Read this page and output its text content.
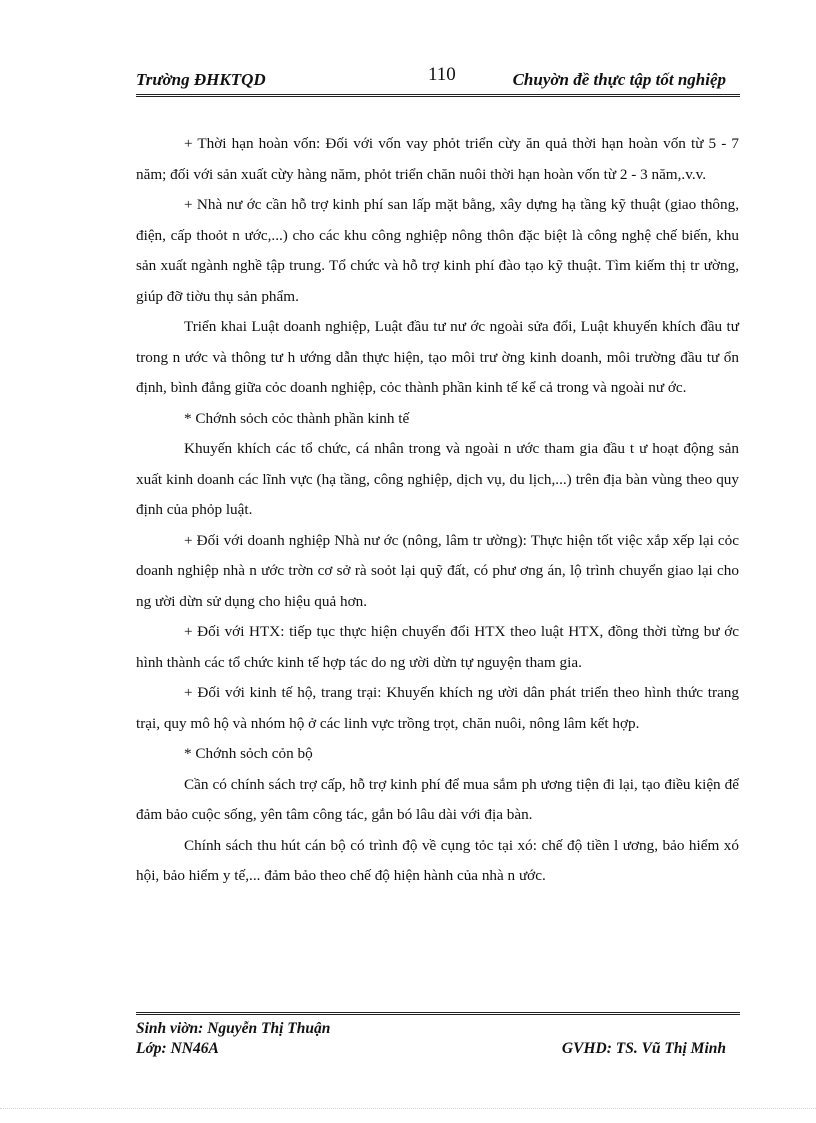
Trường ĐHKTQD	110	Chuyờn đề thực tập tốt nghiệp

+ Thời hạn hoàn vốn: Đối với vốn vay phỏt triển cừy ăn quả thời hạn hoàn vốn từ 5 - 7 năm; đối với sản xuất cừy hàng năm, phỏt triển chăn nuôi thời hạn hoàn vốn từ 2 - 3 năm,.v.v.

+ Nhà nư ớc cần hỗ trợ kinh phí san lấp mặt bằng, xây dựng hạ tầng kỹ thuật (giao thông, điện, cấp thoỏt n ước,...) cho các khu công nghiệp nông thôn đặc biệt là công nghệ chế biến, khu sản xuất ngành nghề tập trung. Tổ chức và hỗ trợ kinh phí đào tạo kỹ thuật. Tìm kiếm thị tr ường, giúp đỡ tiờu thụ sản phẩm.

Triển khai Luật doanh nghiệp, Luật đầu tư nư ớc ngoài sửa đổi, Luật khuyến khích đầu tư trong n ước và thông tư h ướng dẫn thực hiện, tạo môi trư ờng kinh doanh, môi trường đầu tư ổn định, bình đẳng giữa cỏc doanh nghiệp, cỏc thành phần kinh tế kể cả trong và ngoài nư ớc.

* Chớnh sỏch cỏc thành phần kinh tế

Khuyến khích các tổ chức, cá nhân trong và ngoài n ước tham gia đầu t ư hoạt động sản xuất kinh doanh các lĩnh vực (hạ tầng, công nghiệp, dịch vụ, du lịch,...) trên địa bàn vùng theo quy định của phỏp luật.

+ Đối với doanh nghiệp Nhà nư ớc (nông, lâm tr ường): Thực hiện tốt việc xắp xếp lại cỏc doanh nghiệp nhà n ước trờn cơ sở rà soỏt lại quỹ đất, có phư ơng án, lộ trình chuyển giao lại cho ng ười dừn sử dụng cho hiệu quả hơn.

+ Đối với HTX: tiếp tục thực hiện chuyển đổi HTX theo luật HTX, đồng thời từng bư ớc hình thành các tổ chức kinh tế hợp tác do ng ười dừn tự nguyện tham gia.

+ Đối với kinh tế hộ, trang trại: Khuyến khích ng ười dân phát triển theo hình thức trang trại, quy mô hộ và nhóm hộ ở các linh vực trồng trọt, chăn nuôi, nông lâm kết hợp.

* Chớnh sỏch cỏn bộ

Cần có chính sách trợ cấp, hỗ trợ kinh phí để mua sắm ph ương tiện đi lại, tạo điều kiện để đảm bảo cuộc sống, yên tâm công tác, gắn bó lâu dài với địa bàn.

Chính sách thu hút cán bộ có trình độ về cụng tỏc tại xó: chế độ tiền l ương, bảo hiểm xó hội, bảo hiểm y tế,... đảm bảo theo chế độ hiện hành của nhà n ước.

Sinh viờn: Nguyễn Thị Thuận
Lớp: NN46A	GVHD: TS. Vũ Thị Minh
